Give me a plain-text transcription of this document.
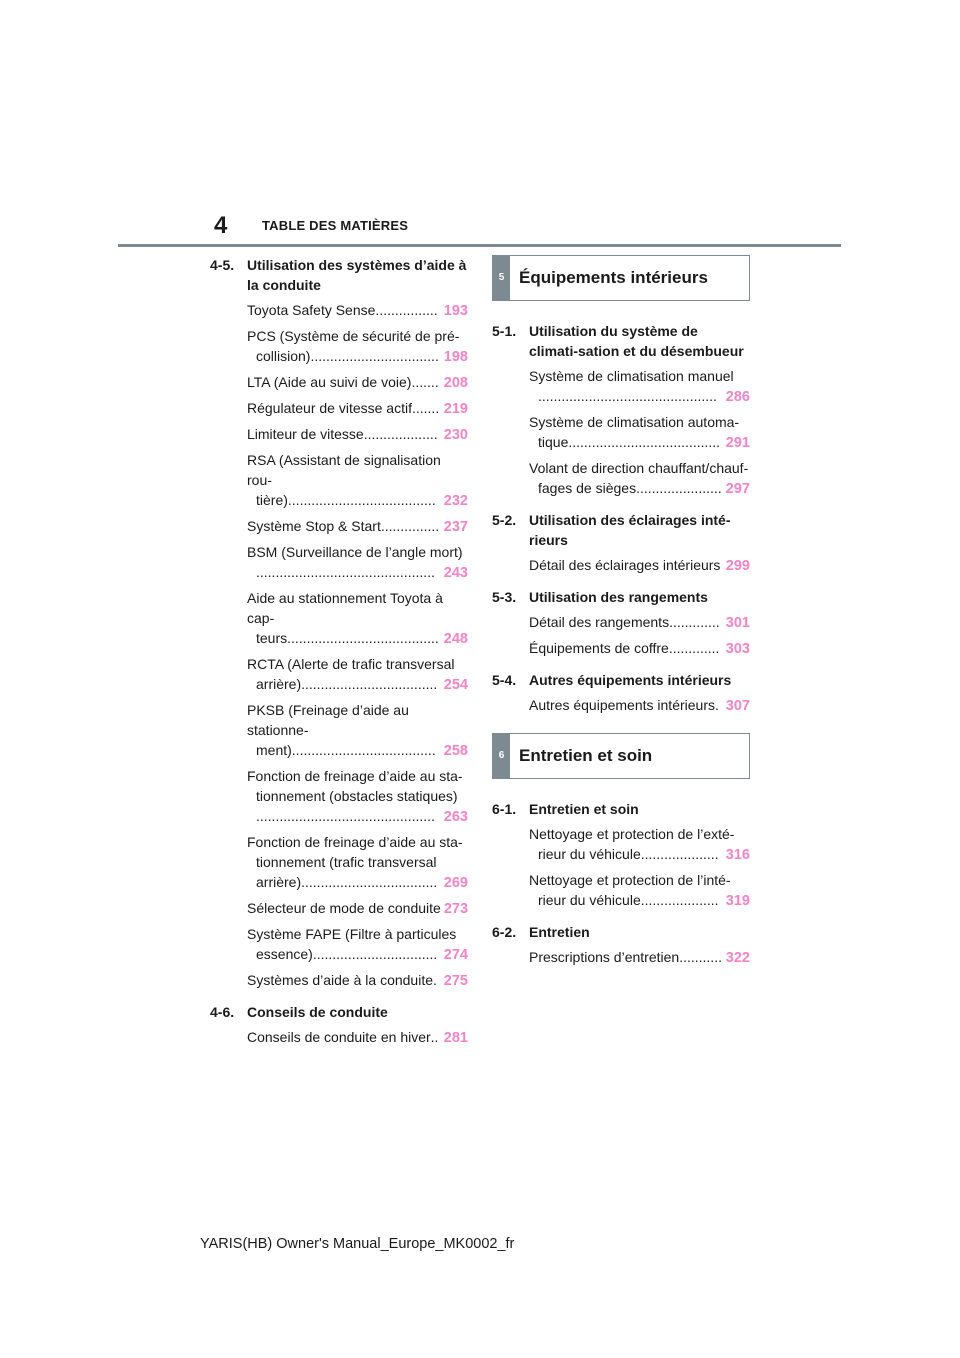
4	TABLE DES MATIÈRES
4-5. Utilisation des systèmes d’aide à la conduite
Toyota Safety Sense ................ 193
PCS (Système de sécurité de pré-
collision) ................................. 198
LTA (Aide au suivi de voie) ....... 208
Régulateur de vitesse actif ....... 219
Limiteur de vitesse ................... 230
RSA (Assistant de signalisation rou-
tière) ...................................... 232
Système Stop & Start ............... 237
BSM (Surveillance de l’angle mort)
.............................................. 243
Aide au stationnement Toyota à cap-
teurs ....................................... 248
RCTA (Alerte de trafic transversal
arrière) ................................... 254
PKSB (Freinage d’aide au stationne-
ment) ..................................... 258
Fonction de freinage d’aide au sta-
tionnement (obstacles statiques)
.............................................. 263
Fonction de freinage d’aide au sta-
tionnement (trafic transversal
arrière) ................................... 269
Sélecteur de mode de conduite 273
Système FAPE (Filtre à particules
essence) ................................ 274
Systèmes d’aide à la conduite . 275
4-6. Conseils de conduite
Conseils de conduite en hiver .. 281
5 Équipements intérieurs
5-1. Utilisation du système de climati-sation et du désembueur
Système de climatisation manuel
.............................................. 286
Système de climatisation automa-
tique ....................................... 291
Volant de direction chauffant/chauf-
fages de sièges ...................... 297
5-2. Utilisation des éclairages inté-rieurs
Détail des éclairages intérieurs 299
5-3. Utilisation des rangements
Détail des rangements ............. 301
Équipements de coffre ............. 303
5-4. Autres équipements intérieurs
Autres équipements intérieurs . 307
6 Entretien et soin
6-1. Entretien et soin
Nettoyage et protection de l’exté-
rieur du véhicule .................... 316
Nettoyage et protection de l’inté-
rieur du véhicule .................... 319
6-2. Entretien
Prescriptions d’entretien ........... 322
YARIS(HB) Owner's Manual_Europe_MK0002_fr
